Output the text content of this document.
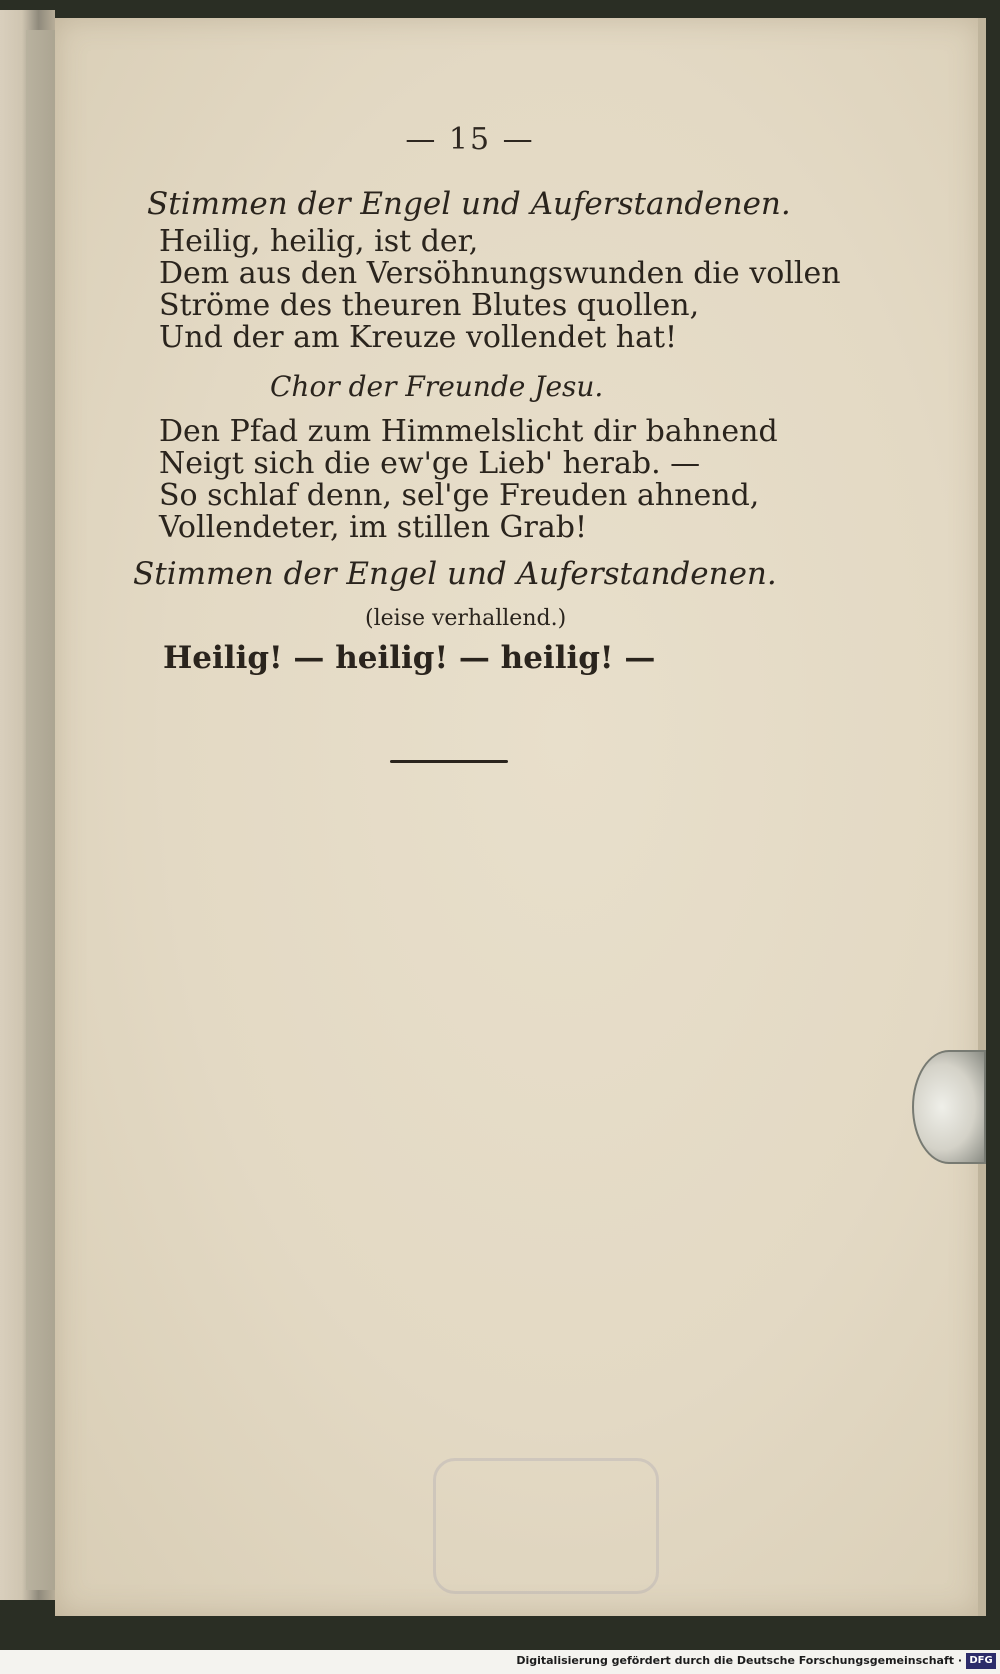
— 15 —
Stimmen der Engel und Auferstandenen.
Heilig, heilig, ist der,
Dem aus den Versöhnungswunden die vollen
Ströme des theuren Blutes quollen,
Und der am Kreuze vollendet hat!
Chor der Freunde Jesu.
Den Pfad zum Himmelslicht dir bahnend
Neigt sich die ew'ge Lieb' herab. —
So schlaf denn, sel'ge Freuden ahnend,
Vollendeter, im stillen Grab!
Stimmen der Engel und Auferstandenen.
(leise verhallend.)
Heilig! — heilig! — heilig! —
Digitalisierung gefördert durch die Deutsche Forschungsgemeinschaft · DFG
